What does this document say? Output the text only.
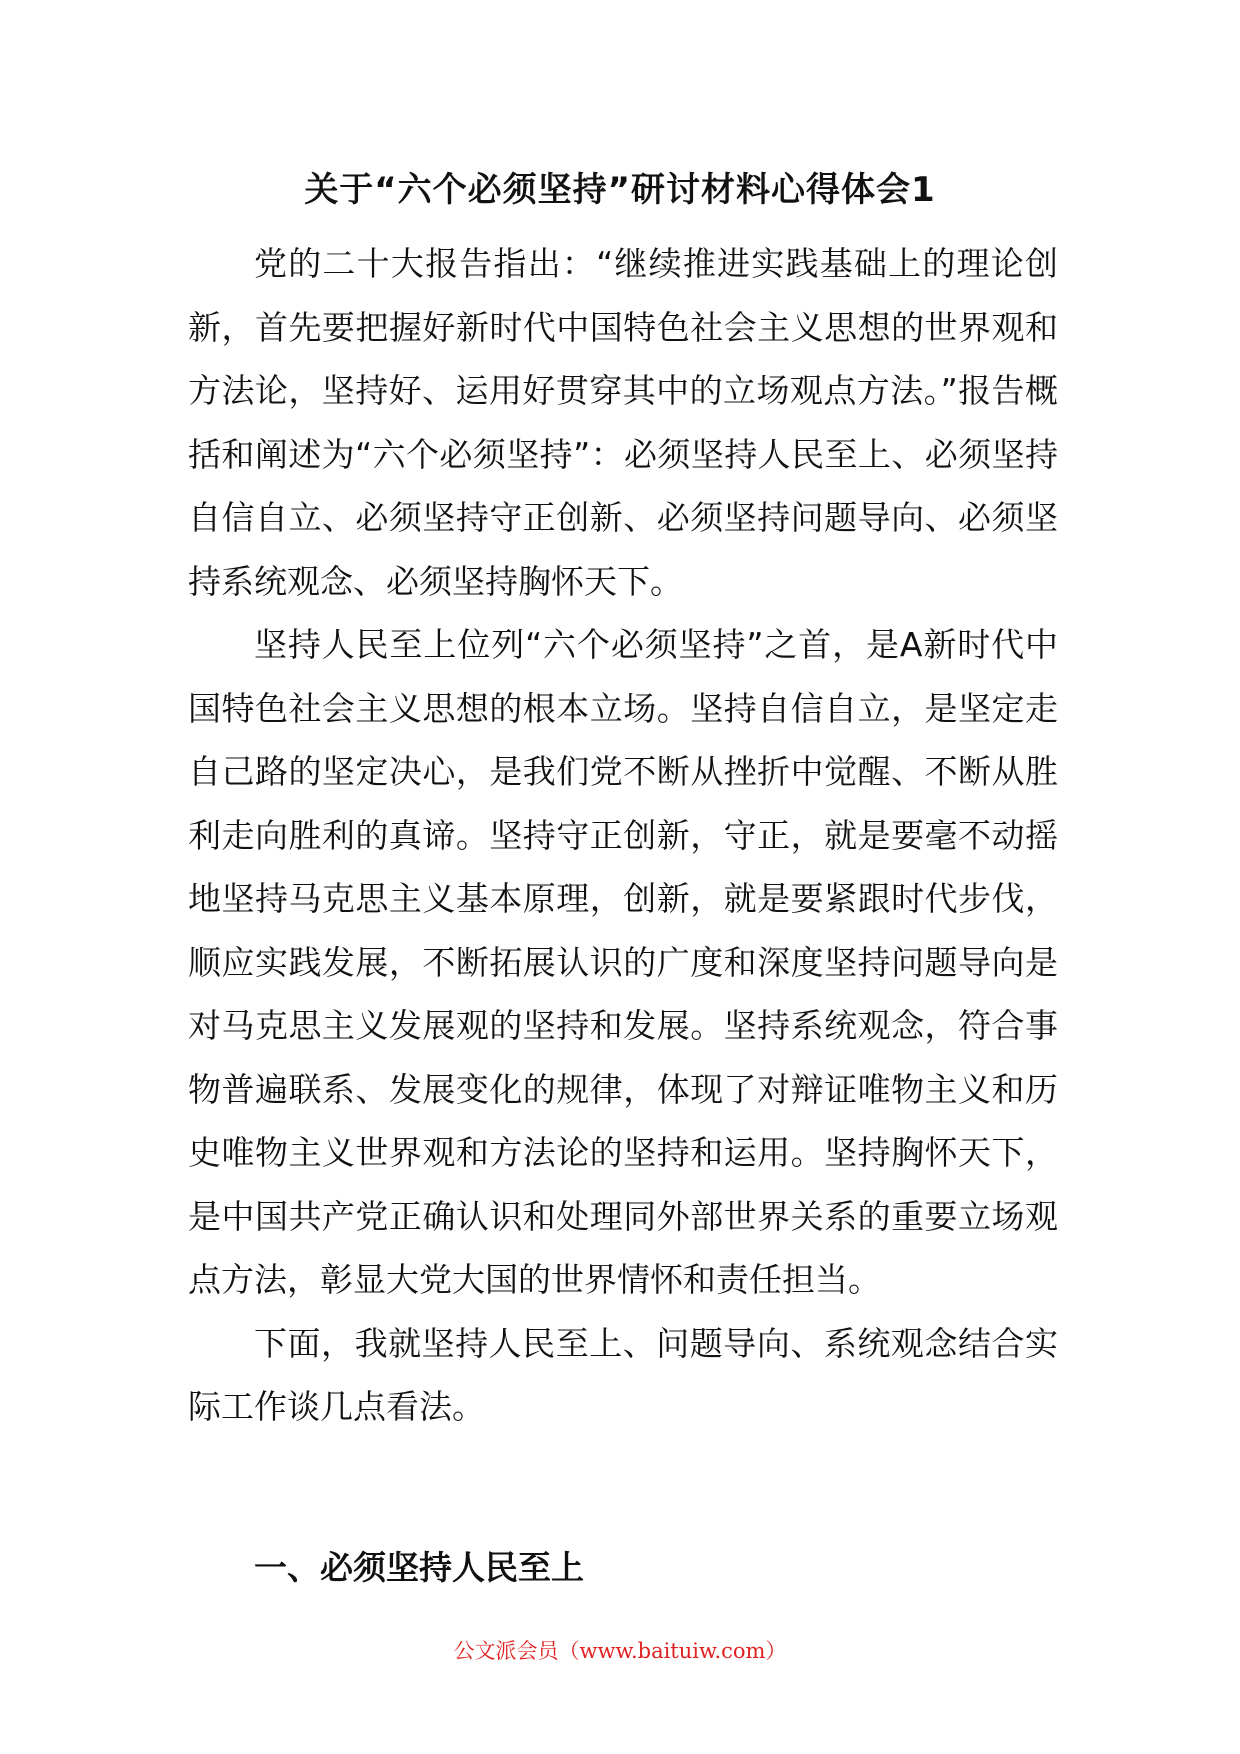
关于“六个必须坚持”研讨材料心得体会1

党的二十大报告指出：“继续推进实践基础上的理论创新，首先要把握好新时代中国特色社会主义思想的世界观和方法论，坚持好、运用好贯穿其中的立场观点方法。”报告概括和阐述为“六个必须坚持”：必须坚持人民至上、必须坚持自信自立、必须坚持守正创新、必须坚持问题导向、必须坚持系统观念、必须坚持胸怀天下。

坚持人民至上位列“六个必须坚持”之首，是A新时代中国特色社会主义思想的根本立场。坚持自信自立，是坚定走自己路的坚定决心，是我们党不断从挫折中觉醒、不断从胜利走向胜利的真谛。坚持守正创新，守正，就是要毫不动摇地坚持马克思主义基本原理，创新，就是要紧跟时代步伐，顺应实践发展，不断拓展认识的广度和深度坚持问题导向是对马克思主义发展观的坚持和发展。坚持系统观念，符合事物普遍联系、发展变化的规律，体现了对辩证唯物主义和历史唯物主义世界观和方法论的坚持和运用。坚持胸怀天下，是中国共产党正确认识和处理同外部世界关系的重要立场观点方法，彰显大党大国的世界情怀和责任担当。

下面，我就坚持人民至上、问题导向、系统观念结合实际工作谈几点看法。

一、必须坚持人民至上
公文派会员（www.baituiw.com）
